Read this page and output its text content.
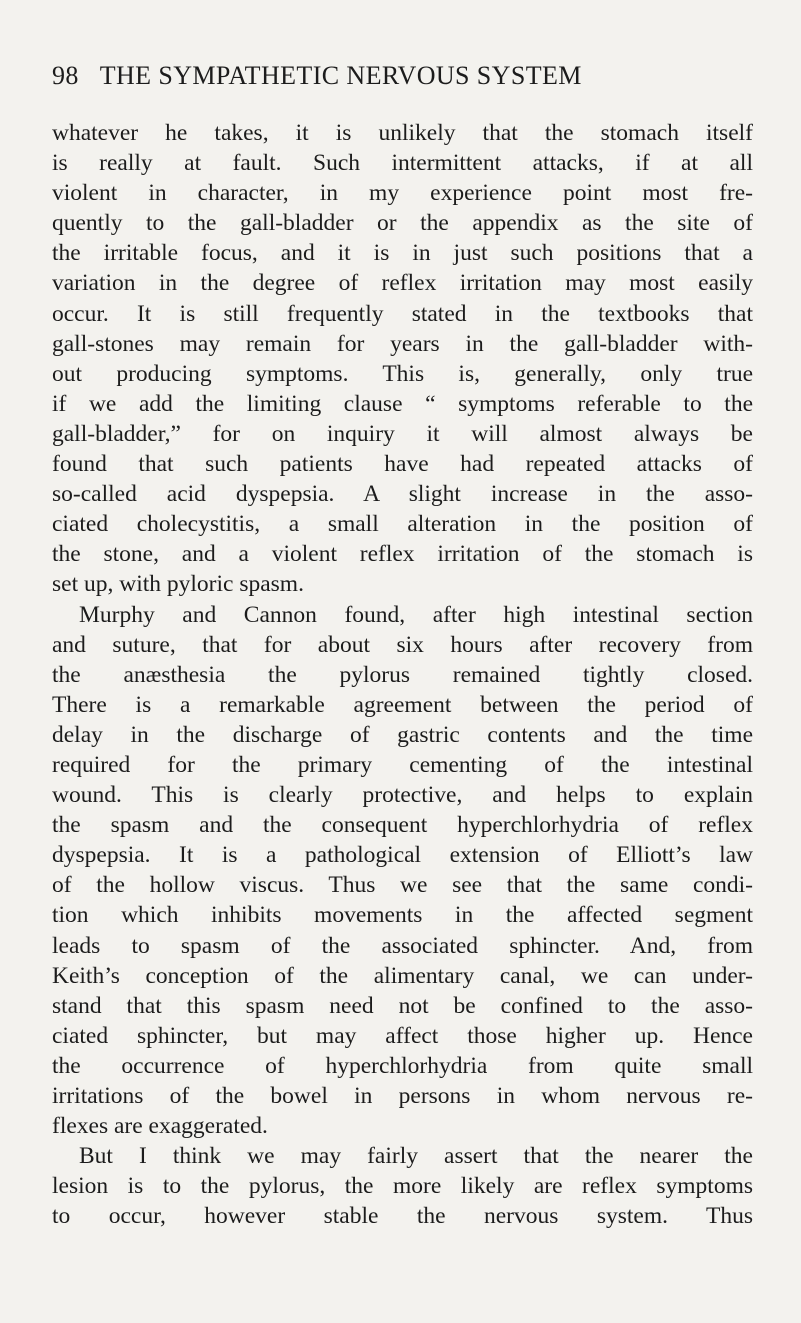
98 THE SYMPATHETIC NERVOUS SYSTEM
whatever he takes, it is unlikely that the stomach itself
is really at fault. Such intermittent attacks, if at all
violent in character, in my experience point most fre-
quently to the gall-bladder or the appendix as the site of
the irritable focus, and it is in just such positions that a
variation in the degree of reflex irritation may most easily
occur. It is still frequently stated in the textbooks that
gall-stones may remain for years in the gall-bladder with-
out producing symptoms. This is, generally, only true
if we add the limiting clause “ symptoms referable to the
gall-bladder,” for on inquiry it will almost always be
found that such patients have had repeated attacks of
so-called acid dyspepsia. A slight increase in the asso-
ciated cholecystitis, a small alteration in the position of
the stone, and a violent reflex irritation of the stomach is
set up, with pyloric spasm.
Murphy and Cannon found, after high intestinal section
and suture, that for about six hours after recovery from
the anæsthesia the pylorus remained tightly closed.
There is a remarkable agreement between the period of
delay in the discharge of gastric contents and the time
required for the primary cementing of the intestinal
wound. This is clearly protective, and helps to explain
the spasm and the consequent hyperchlorhydria of reflex
dyspepsia. It is a pathological extension of Elliott’s law
of the hollow viscus. Thus we see that the same condi-
tion which inhibits movements in the affected segment
leads to spasm of the associated sphincter. And, from
Keith’s conception of the alimentary canal, we can under-
stand that this spasm need not be confined to the asso-
ciated sphincter, but may affect those higher up. Hence
the occurrence of hyperchlorhydria from quite small
irritations of the bowel in persons in whom nervous re-
flexes are exaggerated.
But I think we may fairly assert that the nearer the
lesion is to the pylorus, the more likely are reflex symptoms
to occur, however stable the nervous system. Thus
